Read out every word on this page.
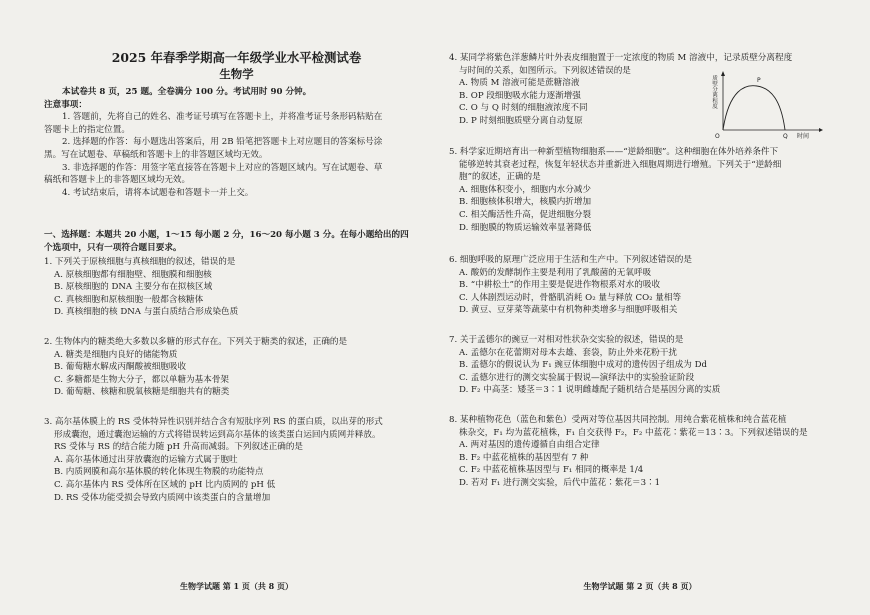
2025 年春季学期高一年级学业水平检测试卷
生物学
本试卷共 8 页，25 题。全卷满分 100 分。考试用时 90 分钟。
注意事项：
1. 答题前，先将自己的姓名、准考证号填写在答题卡上，并将准考证号条形码粘贴在
答题卡上的指定位置。
2. 选择题的作答：每小题选出答案后，用 2B 铅笔把答题卡上对应题目的答案标号涂
黑。写在试题卷、草稿纸和答题卡上的非答题区域均无效。
3. 非选择题的作答：用签字笔直接答在答题卡上对应的答题区域内。写在试题卷、草
稿纸和答题卡上的非答题区域均无效。
4. 考试结束后，请将本试题卷和答题卡一并上交。
一、选择题：本题共 20 小题，1～15 每小题 2 分，16～20 每小题 3 分。在每小题给出的四
个选项中，只有一项符合题目要求。
1. 下列关于原核细胞与真核细胞的叙述，错误的是
A. 原核细胞都有细胞壁、细胞膜和细胞核
B. 原核细胞的 DNA 主要分布在拟核区域
C. 真核细胞和原核细胞一般都含核糖体
D. 真核细胞的核 DNA 与蛋白质结合形成染色质
2. 生物体内的糖类绝大多数以多糖的形式存在。下列关于糖类的叙述，正确的是
A. 糖类是细胞内良好的储能物质
B. 葡萄糖水解成丙酮酸被细胞吸收
C. 多糖都是生物大分子，都以单糖为基本骨架
D. 葡萄糖、核糖和脱氧核糖是细胞共有的糖类
3. 高尔基体膜上的 RS 受体特异性识别并结合含有短肽序列 RS 的蛋白质，以出芽的形式
形成囊泡，通过囊泡运输的方式将错误转运到高尔基体的该类蛋白运回内质网并释放。
RS 受体与 RS 的结合能力随 pH 升高而减弱。下列叙述正确的是
A. 高尔基体通过出芽放囊泡的运输方式属于胞吐
B. 内质网膜和高尔基体膜的转化体现生物膜的功能特点
C. 高尔基体内 RS 受体所在区域的 pH 比内质网的 pH 低
D. RS 受体功能受损会导致内质网中该类蛋白的含量增加
生物学试题 第 1 页（共 8 页）
4. 某同学将紫色洋葱鳞片叶外表皮细胞置于一定浓度的物质 M 溶液中，记录质壁分离程度
与时间的关系，如图所示。下列叙述错误的是
A. 物质 M 溶液可能是蔗糖溶液
B. OP 段细胞吸水能力逐渐增强
C. O 与 Q 时刻的细胞液浓度不同
D. P 时刻细胞质壁分离自动复原
质壁分离程度
O
P
Q 时间
5. 科学家近期培育出一种新型植物细胞系——“逆龄细胞”。这种细胞在体外培养条件下
能够逆转其衰老过程，恢复年轻状态并重新进入细胞周期进行增殖。下列关于“逆龄细
胞”的叙述，正确的是
A. 细胞体积变小，细胞内水分减少
B. 细胞核体积增大，核膜内折增加
C. 相关酶活性升高，促进细胞分裂
D. 细胞膜的物质运输效率显著降低
6. 细胞呼吸的原理广泛应用于生活和生产中。下列叙述错误的是
A. 酸奶的发酵制作主要是利用了乳酸菌的无氧呼吸
B. “中耕松土”的作用主要是促进作物根系对水的吸收
C. 人体剧烈运动时，骨骼肌消耗 O₂ 量与释放 CO₂ 量相等
D. 黄豆、豆芽菜等蔬菜中有机物种类增多与细胞呼吸相关
7. 关于孟德尔的豌豆一对相对性状杂交实验的叙述，错误的是
A. 孟德尔在花蕾期对母本去雄、套袋，防止外来花粉干扰
B. 孟德尔的假说认为 F₁ 豌豆体细胞中成对的遗传因子组成为 Dd
C. 孟德尔进行的测交实验属于假说—演绎法中的实验验证阶段
D. F₂ 中高茎：矮茎＝3∶1 说明雌雄配子随机结合是基因分离的实质
8. 某种植物花色（蓝色和紫色）受两对等位基因共同控制。用纯合紫花植株和纯合蓝花植
株杂交，F₁ 均为蓝花植株，F₁ 自交获得 F₂，F₂ 中蓝花∶紫花＝13∶3。下列叙述错误的是
A. 两对基因的遗传遵循自由组合定律
B. F₂ 中蓝花植株的基因型有 7 种
C. F₂ 中蓝花植株基因型与 F₁ 相同的概率是 1/4
D. 若对 F₁ 进行测交实验，后代中蓝花∶紫花＝3∶1
生物学试题 第 2 页（共 8 页）
